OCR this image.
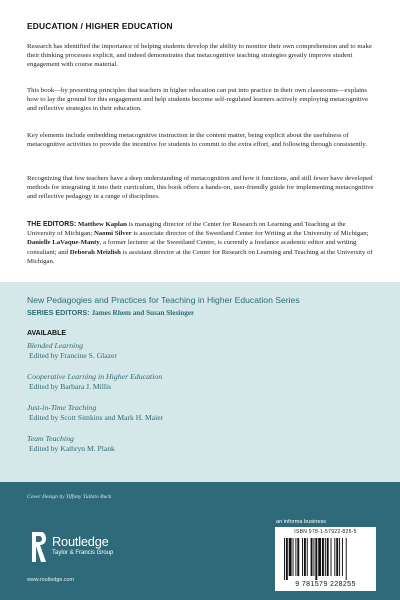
EDUCATION / HIGHER EDUCATION

Research has identified the importance of helping students develop the ability to monitor their own comprehension and to make their thinking processes explicit, and indeed demonstrates that metacognitive teaching strategies greatly improve student engagement with course material.

This book—by presenting principles that teachers in higher education can put into practice in their own classrooms—explains how to lay the ground for this engagement and help students become self-regulated learners actively employing metacognitive and reflective strategies in their education.

Key elements include embedding metacognitive instruction in the content matter, being explicit about the usefulness of metacognitive activities to provide the incentive for students to commit to the extra effort, and following through consistently.

Recognizing that few teachers have a deep understanding of metacognition and how it functions, and still fewer have developed methods for integrating it into their curriculum, this book offers a hands-on, user-friendly guide for implementing metacognitive and reflective pedagogy in a range of disciplines.

THE EDITORS: Matthew Kaplan is managing director of the Center for Research on Learning and Teaching at the University of Michigan; Naomi Silver is associate director of the Sweetland Center for Writing at the University of Michigan; Danielle LaVaque-Manty, a former lecturer at the Sweetland Center, is currently a freelance academic editor and writing consultant; and Deborah Meizlish is assistant director at the Center for Research on Learning and Teaching at the University of Michigan.

New Pedagogies and Practices for Teaching in Higher Education Series
SERIES EDITORS: James Rhem and Susan Slesinger
AVAILABLE
Blended Learning
Edited by Francine S. Glazer
Cooperative Learning in Higher Education
Edited by Barbara J. Millis
Just-in-Time Teaching
Edited by Scott Simkins and Mark H. Maier
Team Teaching
Edited by Kathryn M. Plank
Cover Design by Tiffany Tullato Buck
Routledge
Taylor & Francis Group
www.routledge.com
an informa business
ISBN 978-1-57922-825-5
9 781579 228255
